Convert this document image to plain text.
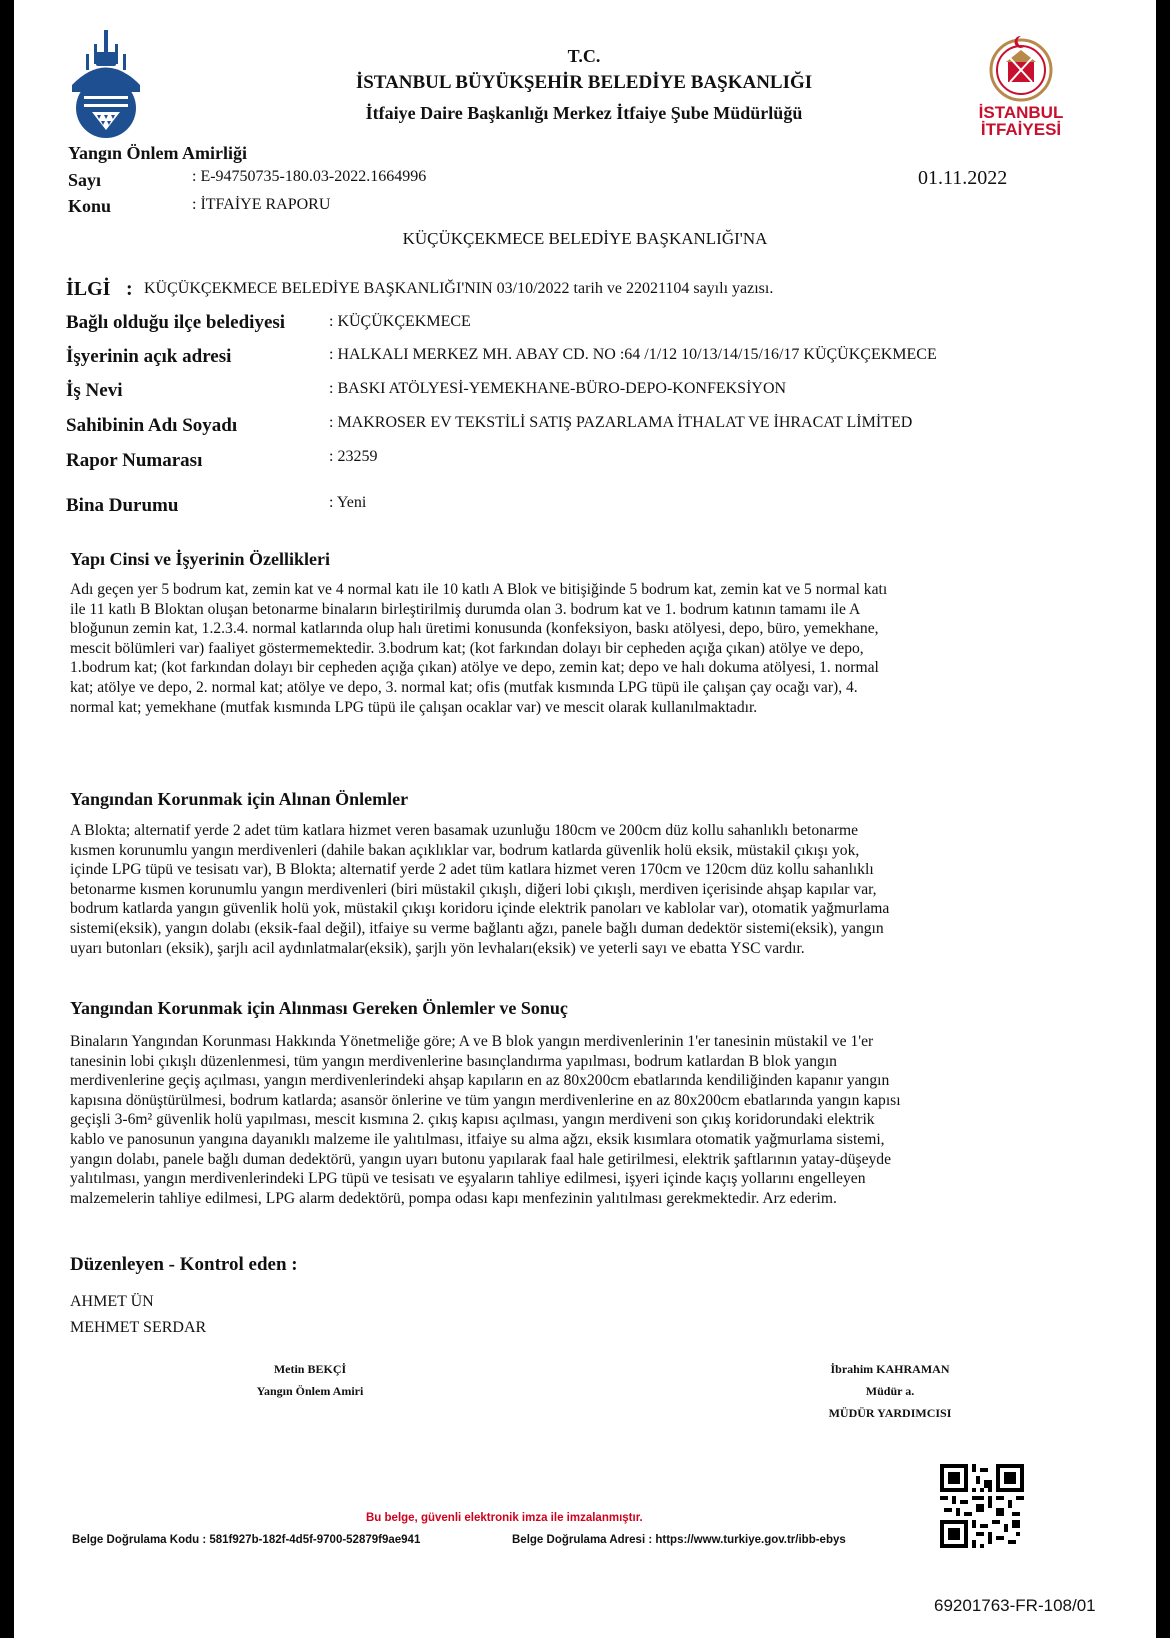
İSTANBUL
İTFAİYESİ
T.C.
İSTANBUL BÜYÜKŞEHİR BELEDİYE BAŞKANLIĞI
İtfaiye Daire Başkanlığı Merkez İtfaiye Şube Müdürlüğü
Yangın Önlem Amirliği
Sayı	: E-94750735-180.03-2022.1664996
Konu	: İTFAİYE RAPORU
01.11.2022
KÜÇÜKÇEKMECE BELEDİYE BAŞKANLIĞI'NA
İLGİ : KÜÇÜKÇEKMECE BELEDİYE BAŞKANLIĞI'NIN 03/10/2022 tarih ve 22021104 sayılı yazısı.
Bağlı olduğu ilçe belediyesi	: KÜÇÜKÇEKMECE
İşyerinin açık adresi	: HALKALI MERKEZ MH. ABAY CD. NO :64 /1/12 10/13/14/15/16/17 KÜÇÜKÇEKMECE
İş Nevi	: BASKI ATÖLYESİ-YEMEKHANE-BÜRO-DEPO-KONFEKSİYON
Sahibinin Adı Soyadı	: MAKROSER EV TEKSTİLİ SATIŞ PAZARLAMA İTHALAT VE İHRACAT LİMİTED
Rapor Numarası	: 23259
Bina Durumu	: Yeni
Yapı Cinsi ve İşyerinin Özellikleri
Adı geçen yer 5 bodrum kat, zemin kat ve 4 normal katı ile 10 katlı A Blok ve bitişiğinde 5 bodrum kat, zemin kat ve 5 normal katı
ile 11 katlı B Bloktan oluşan betonarme binaların birleştirilmiş durumda olan 3. bodrum kat ve 1. bodrum katının tamamı ile A
bloğunun zemin kat, 1.2.3.4. normal katlarında olup halı üretimi konusunda (konfeksiyon, baskı atölyesi, depo, büro, yemekhane,
mescit bölümleri var) faaliyet göstermemektedir. 3.bodrum kat; (kot farkından dolayı bir cepheden açığa çıkan) atölye ve depo,
1.bodrum kat; (kot farkından dolayı bir cepheden açığa çıkan) atölye ve depo, zemin kat; depo ve halı dokuma atölyesi, 1. normal
kat; atölye ve depo, 2. normal kat; atölye ve depo, 3. normal kat; ofis (mutfak kısmında LPG tüpü ile çalışan çay ocağı var), 4.
normal kat; yemekhane (mutfak kısmında LPG tüpü ile çalışan ocaklar var) ve mescit olarak kullanılmaktadır.
Yangından Korunmak için Alınan Önlemler
A Blokta; alternatif yerde 2 adet tüm katlara hizmet veren basamak uzunluğu 180cm ve 200cm düz kollu sahanlıklı betonarme
kısmen korunumlu yangın merdivenleri (dahile bakan açıklıklar var, bodrum katlarda güvenlik holü eksik, müstakil çıkışı yok,
içinde LPG tüpü ve tesisatı var), B Blokta; alternatif yerde 2 adet tüm katlara hizmet veren 170cm ve 120cm düz kollu sahanlıklı
betonarme kısmen korunumlu yangın merdivenleri (biri müstakil çıkışlı, diğeri lobi çıkışlı, merdiven içerisinde ahşap kapılar var,
bodrum katlarda yangın güvenlik holü yok, müstakil çıkışı koridoru içinde elektrik panoları ve kablolar var), otomatik yağmurlama
sistemi(eksik), yangın dolabı (eksik-faal değil), itfaiye su verme bağlantı ağzı, panele bağlı duman dedektör sistemi(eksik), yangın
uyarı butonları (eksik), şarjlı acil aydınlatmalar(eksik), şarjlı yön levhaları(eksik) ve yeterli sayı ve ebatta YSC vardır.
Yangından Korunmak için Alınması Gereken Önlemler ve Sonuç
Binaların Yangından Korunması Hakkında Yönetmeliğe göre; A ve B blok yangın merdivenlerinin 1'er tanesinin müstakil ve 1'er
tanesinin lobi çıkışlı düzenlenmesi, tüm yangın merdivenlerine basınçlandırma yapılması, bodrum katlardan B blok yangın
merdivenlerine geçiş açılması, yangın merdivenlerindeki ahşap kapıların en az 80x200cm ebatlarında kendiliğinden kapanır yangın
kapısına dönüştürülmesi, bodrum katlarda; asansör önlerine ve tüm yangın merdivenlerine en az 80x200cm ebatlarında yangın kapısı
geçişli 3-6m² güvenlik holü yapılması, mescit kısmına 2. çıkış kapısı açılması, yangın merdiveni son çıkış koridorundaki elektrik
kablo ve panosunun yangına dayanıklı malzeme ile yalıtılması, itfaiye su alma ağzı, eksik kısımlara otomatik yağmurlama sistemi,
yangın dolabı, panele bağlı duman dedektörü, yangın uyarı butonu yapılarak faal hale getirilmesi, elektrik şaftlarının yatay-düşeyde
yalıtılması, yangın merdivenlerindeki LPG tüpü ve tesisatı ve eşyaların tahliye edilmesi, işyeri içinde kaçış yollarını engelleyen
malzemelerin tahliye edilmesi, LPG alarm dedektörü, pompa odası kapı menfezinin yalıtılması gerekmektedir. Arz ederim.
Düzenleyen - Kontrol eden :
AHMET ÜN
MEHMET SERDAR
Metin BEKÇİ
Yangın Önlem Amiri
İbrahim KAHRAMAN
Müdür a.
MÜDÜR YARDIMCISI
Bu belge, güvenli elektronik imza ile imzalanmıştır.
Belge Doğrulama Kodu : 581f927b-182f-4d5f-9700-52879f9ae941	Belge Doğrulama Adresi : https://www.turkiye.gov.tr/ibb-ebys
69201763-FR-108/01
